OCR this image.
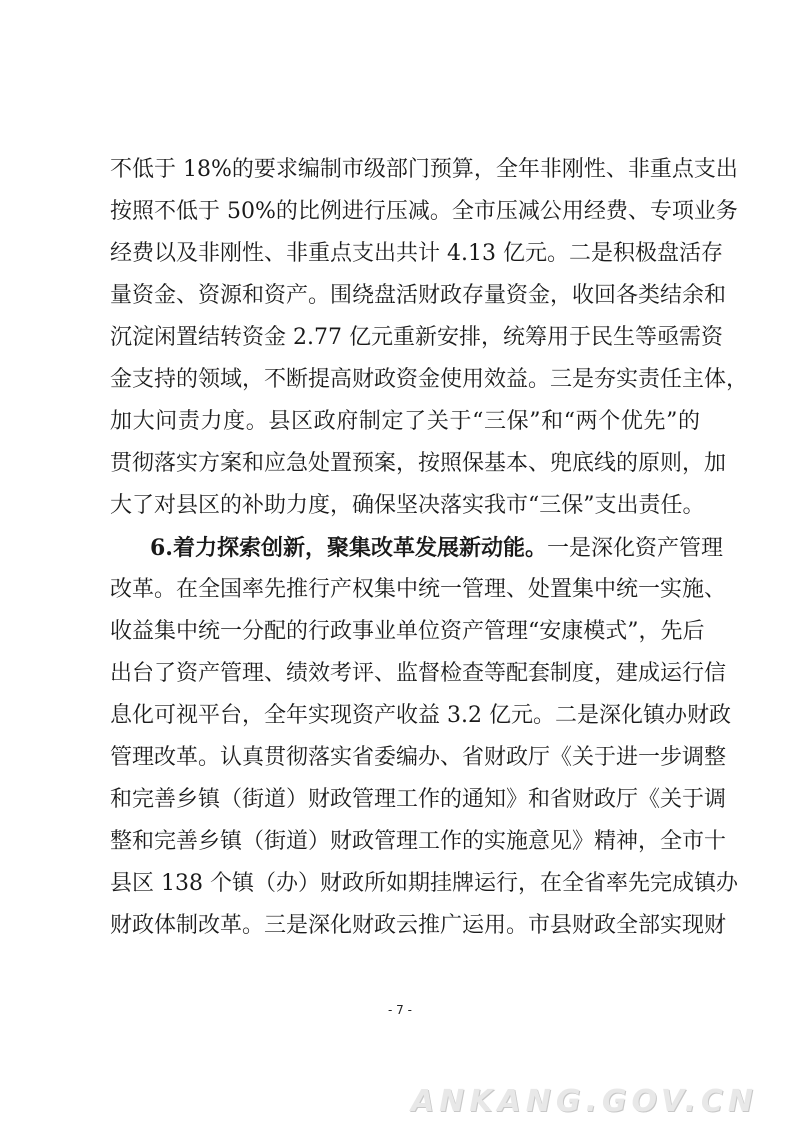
不低于 18%的要求编制市级部门预算，全年非刚性、非重点支出
按照不低于 50%的比例进行压减。全市压减公用经费、专项业务
经费以及非刚性、非重点支出共计 4.13 亿元。二是积极盘活存
量资金、资源和资产。围绕盘活财政存量资金，收回各类结余和
沉淀闲置结转资金 2.77 亿元重新安排，统筹用于民生等亟需资
金支持的领域，不断提高财政资金使用效益。三是夯实责任主体，
加大问责力度。县区政府制定了关于“三保”和“两个优先”的
贯彻落实方案和应急处置预案，按照保基本、兜底线的原则，加
大了对县区的补助力度，确保坚决落实我市“三保”支出责任。
6.着力探索创新，聚集改革发展新动能。一是深化资产管理
改革。在全国率先推行产权集中统一管理、处置集中统一实施、
收益集中统一分配的行政事业单位资产管理“安康模式”，先后
出台了资产管理、绩效考评、监督检查等配套制度，建成运行信
息化可视平台，全年实现资产收益 3.2 亿元。二是深化镇办财政
管理改革。认真贯彻落实省委编办、省财政厅《关于进一步调整
和完善乡镇（街道）财政管理工作的通知》和省财政厅《关于调
整和完善乡镇（街道）财政管理工作的实施意见》精神，全市十
县区 138 个镇（办）财政所如期挂牌运行，在全省率先完成镇办
财政体制改革。三是深化财政云推广运用。市县财政全部实现财
- 7 -
ANKANG.GOV.CN
